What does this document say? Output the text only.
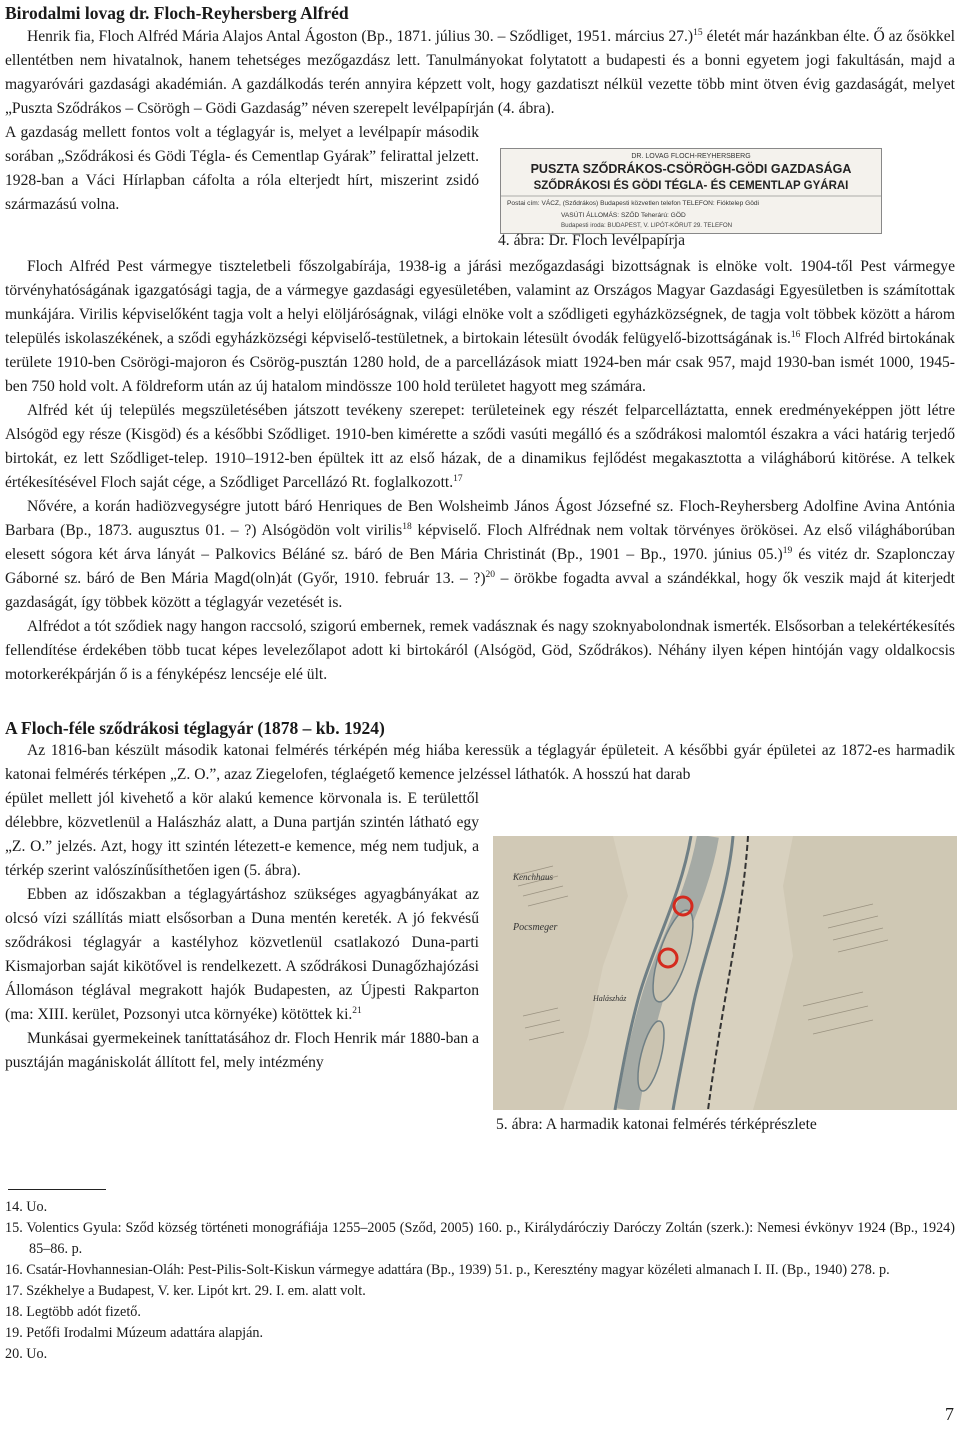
Birodalmi lovag dr. Floch-Reyhersberg Alfréd

Henrik fia, Floch Alfréd Mária Alajos Antal Ágoston (Bp., 1871. július 30. – Sződliget, 1951. március 27.)$^{15}$ életét már hazánkban élte. Ő az ősökkel ellentétben nem hivatalnok, hanem tehetséges mezőgazdász lett. Tanulmányokat folytatott a budapesti és a bonni egyetem jogi fakultásán, majd a magyaróvári gazdasági akadémián. A gazdálkodás terén annyira képzett volt, hogy gazdatiszt nélkül vezette több mint ötven évig gazdaságát, melyet „Puszta Sződrákos – Csörögh – Gödi Gazdaság” néven szerepelt levélpapírján (4. ábra).

DR. LOVAG FLOCH-REYHERSBERG
PUSZTA SZŐDRÁKOS-CSÖRÖGH-GÖDI GAZDASÁGA
SZŐDRÁKOSI ÉS GÖDI TÉGLA- ÉS CEMENTLAP GYÁRAI
Postai cím: VÁCZ, (Sződrákos) Budapesti közvetlen telefon TELEFON: Fióktelep Gödi
VASÚTI ÁLLOMÁS: SZŐD Teherárú: GÖD
Budapesti iroda: BUDAPEST, V. LIPÓT-KÖRUT 29. TELEFON
4. ábra: Dr. Floch levélpapírja

A gazdaság mellett fontos volt a téglagyár is, melyet a levélpapír második sorában „Sződrákosi és Gödi Tégla- és Cementlap Gyárak” felirattal jelzett. 1928-ban a Váci Hírlapban cáfolta a róla elterjedt hírt, miszerint zsidó származású volna.

Floch Alfréd Pest vármegye tiszteletbeli főszolgabírája, 1938-ig a járási mezőgazdasági bizottságnak is elnöke volt. 1904-től Pest vármegye törvényhatóságának igazgatósági tagja, de a vármegye gazdasági egyesületében, valamint az Országos Magyar Gazdasági Egyesületben is számítottak munkájára. Virilis képviselőként tagja volt a helyi elöljáróságnak, világi elnöke volt a sződligeti egyházközségnek, de tagja volt többek között a három település iskolaszékének, a sződi egyházközségi képviselő-testületnek, a birtokain létesült óvodák felügyelő-bizottságának is.$^{16}$ Floch Alfréd birtokának területe 1910-ben Csörögi-majoron és Csörög-pusztán 1280 hold, de a parcellázások miatt 1924-ben már csak 957, majd 1930-ban ismét 1000, 1945-ben 750 hold volt. A földreform után az új hatalom mindössze 100 hold területet hagyott meg számára.

Alfréd két új település megszületésében játszott tevékeny szerepet: területeinek egy részét felparcelláztatta, ennek eredményeképpen jött létre Alsógöd egy része (Kisgöd) és a későbbi Sződliget. 1910-ben kimérette a sződi vasúti megálló és a sződrákosi malomtól északra a váci határig terjedő birtokát, ez lett Sződliget-telep. 1910–1912-ben épültek itt az első házak, de a dinamikus fejlődést megakasztotta a világháború kitörése. A telkek értékesítésével Floch saját cége, a Sződliget Parcellázó Rt. foglalkozott.$^{17}$

Nővére, a korán hadiözvegységre jutott báró Henriques de Ben Wolsheimb János Ágost Józsefné sz. Floch-Reyhersberg Adolfine Avina Antónia Barbara (Bp., 1873. augusztus 01. – ?) Alsógödön volt virilis$^{18}$ képviselő. Floch Alfrédnak nem voltak törvényes örökösei. Az első világháborúban elesett sógora két árva lányát – Palkovics Béláné sz. báró de Ben Mária Christinát (Bp., 1901 – Bp., 1970. június 05.)$^{19}$ és vitéz dr. Szaplonczay Gáborné sz. báró de Ben Mária Magd(oln)át (Győr, 1910. február 13. – ?)$^{20}$ – örökbe fogadta avval a szándékkal, hogy ők veszik majd át kiterjedt gazdaságát, így többek között a téglagyár vezetését is.

Alfrédot a tót sződiek nagy hangon raccsoló, szigorú embernek, remek vadásznak és nagy szoknyabolondnak ismerték. Elsősorban a telekértékesítés fellendítése érdekében több tucat képes levelezőlapot adott ki birtokáról (Alsógöd, Göd, Sződrákos). Néhány ilyen képen hintóján vagy oldalkocsis motorkerékpárján ő is a fényképész lencséje elé ült.

A Floch-féle sződrákosi téglagyár (1878 – kb. 1924)

Az 1816-ban készült második katonai felmérés térképén még hiába keressük a téglagyár épületeit. A későbbi gyár épületei az 1872-es harmadik katonai felmérés térképen „Z. O.”, azaz Ziegelofen, téglaégető kemence jelzéssel láthatók. A hosszú hat darab

épület mellett jól kivehető a kör alakú kemence körvonala is. E területtől délebbre, közvetlenül a Halászház alatt, a Duna partján szintén látható egy „Z. O.” jelzés. Azt, hogy itt szintén létezett-e kemence, még nem tudjuk, a térkép szerint valószínűsíthetően igen (5. ábra).

Ebben az időszakban a téglagyártáshoz szükséges agyagbányákat az olcsó vízi szállítás miatt elsősorban a Duna mentén kereték. A jó fekvésű sződrákosi téglagyár a kastélyhoz közvetlenül csatlakozó Duna-parti Kismajorban saját kikötővel is rendelkezett. A sződrákosi Dunagőzhajózási Állomáson téglával megrakott hajók Budapesten, az Újpesti Rakparton (ma: XIII. kerület, Pozsonyi utca környéke) kötöttek ki.$^{21}$

Munkásai gyermekeinek taníttatásához dr. Floch Henrik már 1880-ban a pusztáján magániskolát állított fel, mely intézmény

Kenchhaus
Pocsmeger
Halászház
5. ábra: A harmadik katonai felmérés térképrészlete

14. Uo.

15. Volentics Gyula: Sződ község történeti monográfiája 1255–2005 (Sződ, 2005) 160. p., Királydárócziy Daróczy Zoltán (szerk.): Nemesi évkönyv 1924 (Bp., 1924) 85–86. p.

16. Csatár-Hovhannesian-Oláh: Pest-Pilis-Solt-Kiskun vármegye adattára (Bp., 1939) 51. p., Keresztény magyar közéleti almanach I. II. (Bp., 1940) 278. p.

17. Székhelye a Budapest, V. ker. Lipót krt. 29. I. em. alatt volt.

18. Legtöbb adót fizető.

19. Petőfi Irodalmi Múzeum adattára alapján.

20. Uo.

7
